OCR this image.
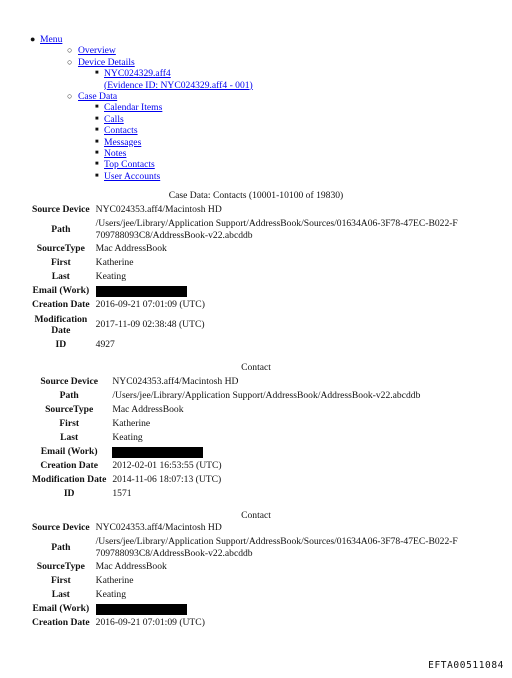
● Menu
○ Overview
○ Device Details
■ NYC024329.aff4
(Evidence ID: NYC024329.aff4 - 001)
○ Case Data
■ Calendar Items
■ Calls
■ Contacts
■ Messages
■ Notes
■ Top Contacts
■ User Accounts
Case Data: Contacts (10001-10100 of 19830)
Source Device	NYC024353.aff4/Macintosh HD
Path	/Users/jee/Library/Application Support/AddressBook/Sources/01634A06-3F78-47EC-B022-F
709788093C8/AddressBook-v22.abcddb

SourceType	Mac AddressBook
First	Katherine
Last	Keating
Email (Work)	
Creation Date	2016-09-21 07:01:09 (UTC)

Modification
Date	2017-11-09 02:38:48 (UTC)
ID	4927
Contact
Source Device	NYC024353.aff4/Macintosh HD
Path	/Users/jee/Library/Application Support/AddressBook/AddressBook-v22.abcddb
SourceType	Mac AddressBook
First	Katherine
Last	Keating
Email (Work)	
Creation Date	2012-02-01 16:53:55 (UTC)
Modification Date	2014-11-06 18:07:13 (UTC)
ID	1571
Contact
Source Device	NYC024353.aff4/Macintosh HD
Path	/Users/jee/Library/Application Support/AddressBook/Sources/01634A06-3F78-47EC-B022-F
709788093C8/AddressBook-v22.abcddb

SourceType	Mac AddressBook
First	Katherine
Last	Keating
Email (Work)	
Creation Date	2016-09-21 07:01:09 (UTC)
EFTA00511084
